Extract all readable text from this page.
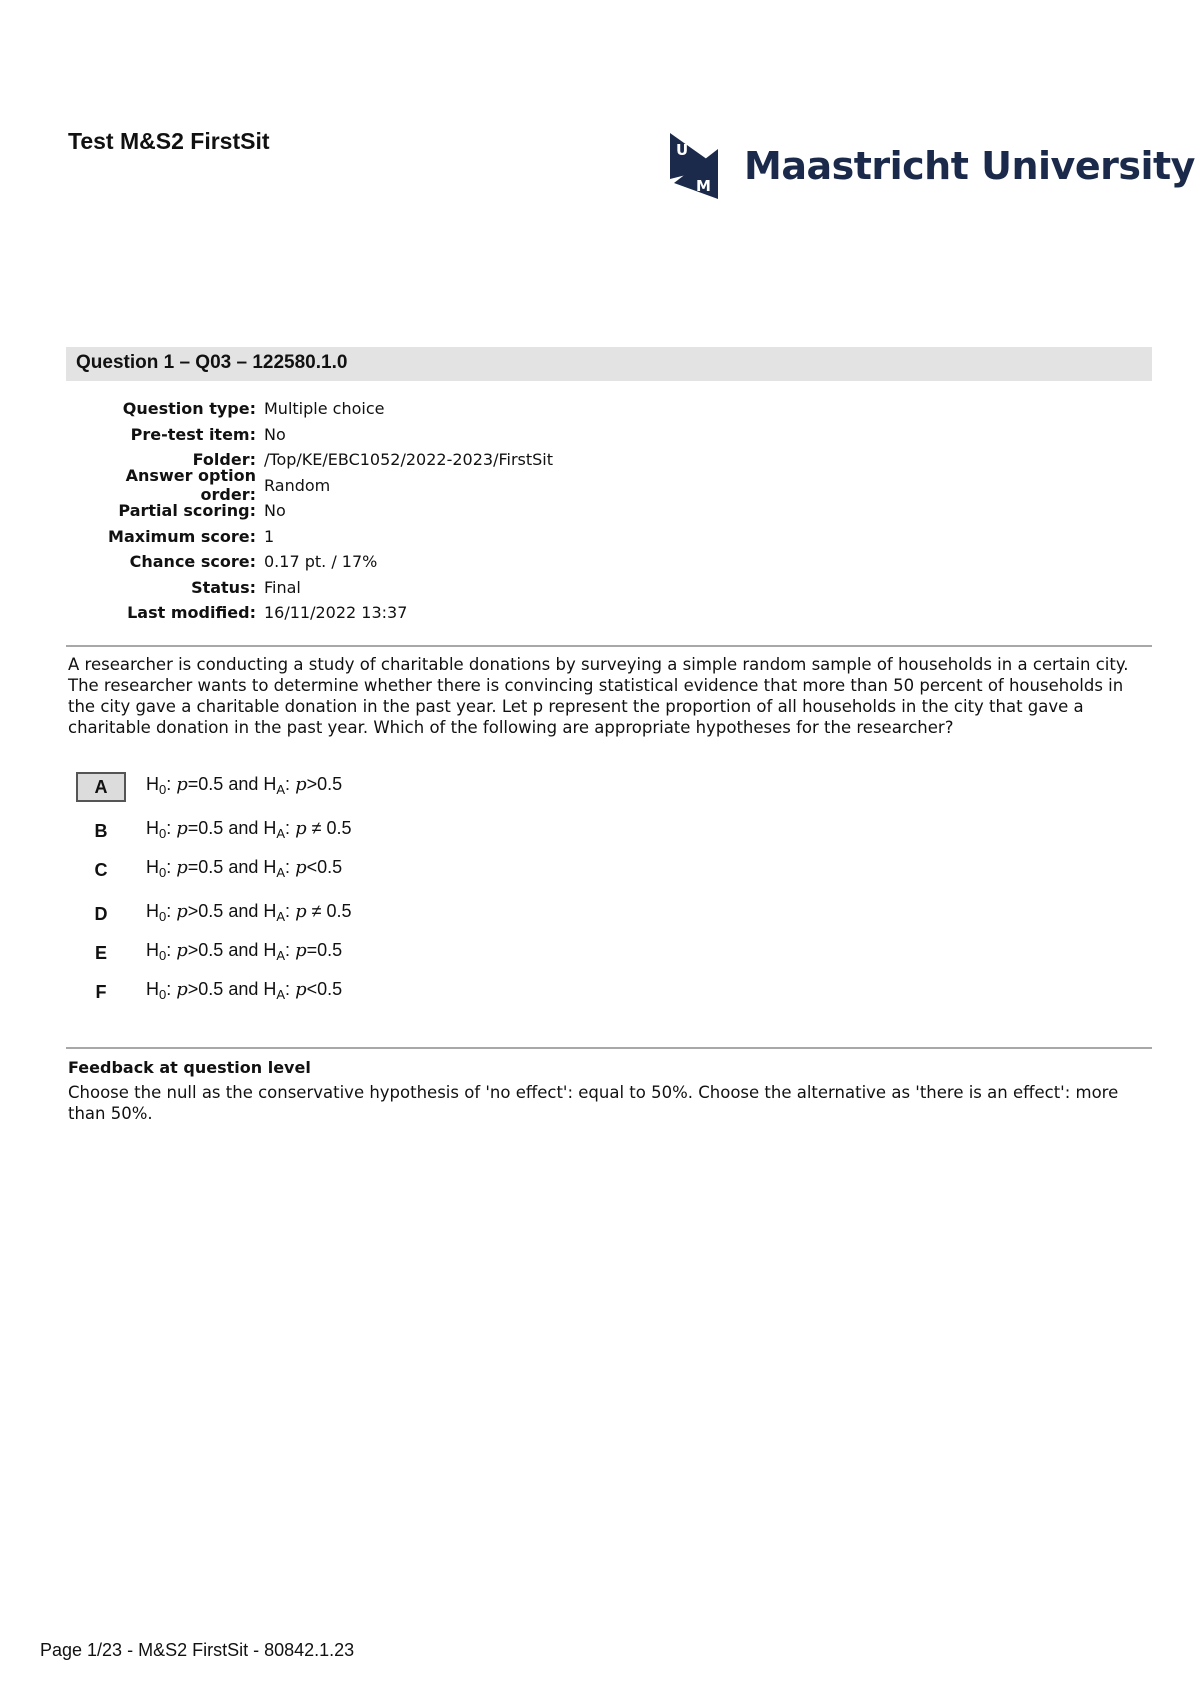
Test M&S2 FirstSit	U
M Maastricht University
Question 1 – Q03 – 122580.1.0
Question type: Multiple choice
Pre-test item: No
Folder: /Top/KE/EBC1052/2022-2023/FirstSit
Answer option order: Random
Partial scoring: No
Maximum score: 1
Chance score: 0.17 pt. / 17%
Status: Final
Last modified: 16/11/2022 13:37
A researcher is conducting a study of charitable donations by surveying a simple random sample of households in a certain city. The researcher wants to determine whether there is convincing statistical evidence that more than 50 percent of households in the city gave a charitable donation in the past year. Let p represent the proportion of all households in the city that gave a charitable donation in the past year. Which of the following are appropriate hypotheses for the researcher?
A	$H_0$: p=0.5 and $H_A$: p>0.5
B	$H_0$: p=0.5 and $H_A$: p ≠ 0.5
C	$H_0$: p=0.5 and $H_A$: p<0.5
D	$H_0$: p>0.5 and $H_A$: p ≠ 0.5
E	$H_0$: p>0.5 and $H_A$: p=0.5
F	$H_0$: p>0.5 and $H_A$: p<0.5
Feedback at question level
Choose the null as the conservative hypothesis of 'no effect': equal to 50%. Choose the alternative as 'there is an effect': more than 50%.
Page 1/23 - M&S2 FirstSit - 80842.1.23
